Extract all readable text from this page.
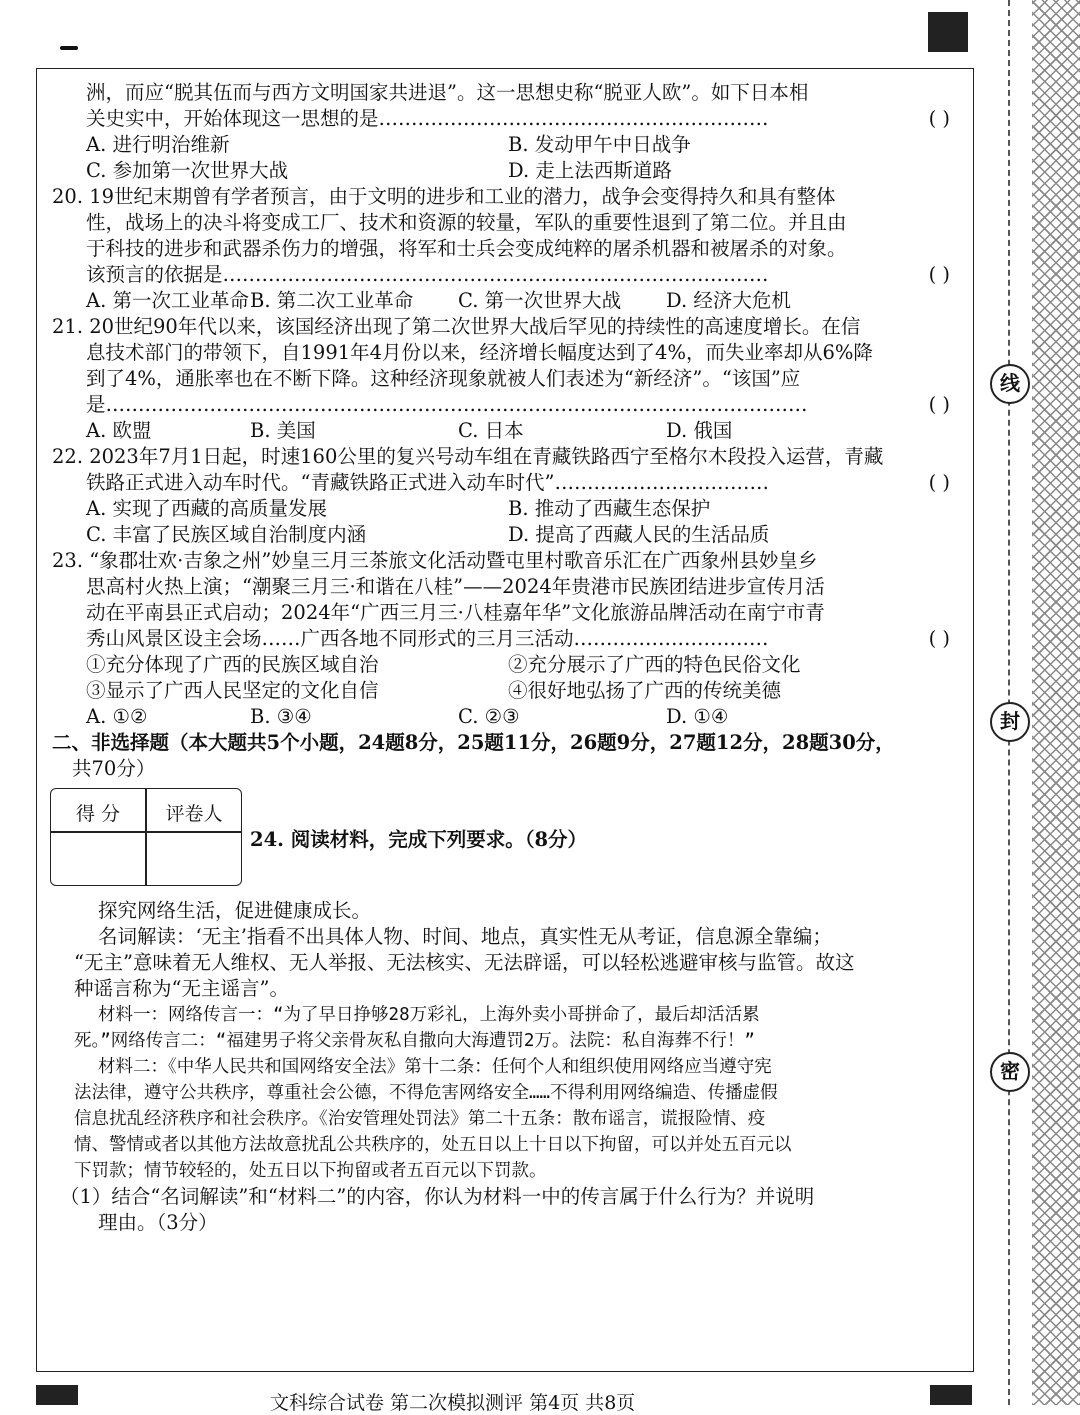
线
封
密
洲，而应“脱其伍而与西方文明国家共进退”。这一思想史称“脱亚人欧”。如下日本相
关史实中，开始体现这一思想的是……………………………………………………	( )
A. 进行明治维新	B. 发动甲午中日战争
C. 参加第一次世界大战	D. 走上法西斯道路
20. 19世纪末期曾有学者预言，由于文明的进步和工业的潜力，战争会变得持久和具有整体
性，战场上的决斗将变成工厂、技术和资源的较量，军队的重要性退到了第二位。并且由
于科技的进步和武器杀伤力的增强，将军和士兵会变成纯粹的屠杀机器和被屠杀的对象。
该预言的依据是…………………………………………………………………………	( )
A. 第一次工业革命 B. 第二次工业革命	C. 第一次世界大战	D. 经济大危机
21. 20世纪90年代以来，该国经济出现了第二次世界大战后罕见的持续性的高速度增长。在信
息技术部门的带领下，自1991年4月份以来，经济增长幅度达到了4%，而失业率却从6%降
到了4%，通胀率也在不断下降。这种经济现象就被人们表述为“新经济”。“该国”应
是………………………………………………………………………………………………	( )
A. 欧盟	B. 美国	C. 日本	D. 俄国
22. 2023年7月1日起，时速160公里的复兴号动车组在青藏铁路西宁至格尔木段投入运营，青藏
铁路正式进入动车时代。“青藏铁路正式进入动车时代”……………………………	( )
A. 实现了西藏的高质量发展	B. 推动了西藏生态保护
C. 丰富了民族区域自治制度内涵	D. 提高了西藏人民的生活品质
23. “象郡壮欢·吉象之州”妙皇三月三茶旅文化活动暨屯里村歌音乐汇在广西象州县妙皇乡
思高村火热上演；“潮聚三月三·和谐在八桂”——2024年贵港市民族团结进步宣传月活
动在平南县正式启动；2024年“广西三月三·八桂嘉年华”文化旅游品牌活动在南宁市青
秀山风景区设主会场……广西各地不同形式的三月三活动…………………………	( )
①充分体现了广西的民族区域自治	②充分展示了广西的特色民俗文化
③显示了广西人民坚定的文化自信	④很好地弘扬了广西的传统美德
A. ①②	B. ③④	C. ②③	D. ①④
二、非选择题（本大题共5个小题，24题8分，25题11分，26题9分，27题12分，28题30分，
共70分）
得 分	评卷人
24. 阅读材料，完成下列要求。（8分）
探究网络生活，促进健康成长。
名词解读：‘无主’指看不出具体人物、时间、地点，真实性无从考证，信息源全靠编；
“无主”意味着无人维权、无人举报、无法核实、无法辟谣，可以轻松逃避审核与监管。故这
种谣言称为“无主谣言”。
材料一：网络传言一：“为了早日挣够28万彩礼，上海外卖小哥拼命了，最后却活活累
死。”网络传言二：“福建男子将父亲骨灰私自撒向大海遭罚2万。法院：私自海葬不行！”
材料二：《中华人民共和国网络安全法》第十二条：任何个人和组织使用网络应当遵守宪
法法律，遵守公共秩序，尊重社会公德，不得危害网络安全……不得利用网络编造、传播虚假
信息扰乱经济秩序和社会秩序。《治安管理处罚法》第二十五条：散布谣言，谎报险情、疫
情、警情或者以其他方法故意扰乱公共秩序的，处五日以上十日以下拘留，可以并处五百元以
下罚款；情节较轻的，处五日以下拘留或者五百元以下罚款。
（1）结合“名词解读”和“材料二”的内容，你认为材料一中的传言属于什么行为？并说明
理由。（3分）
文科综合试卷 第二次模拟测评 第4页 共8页
